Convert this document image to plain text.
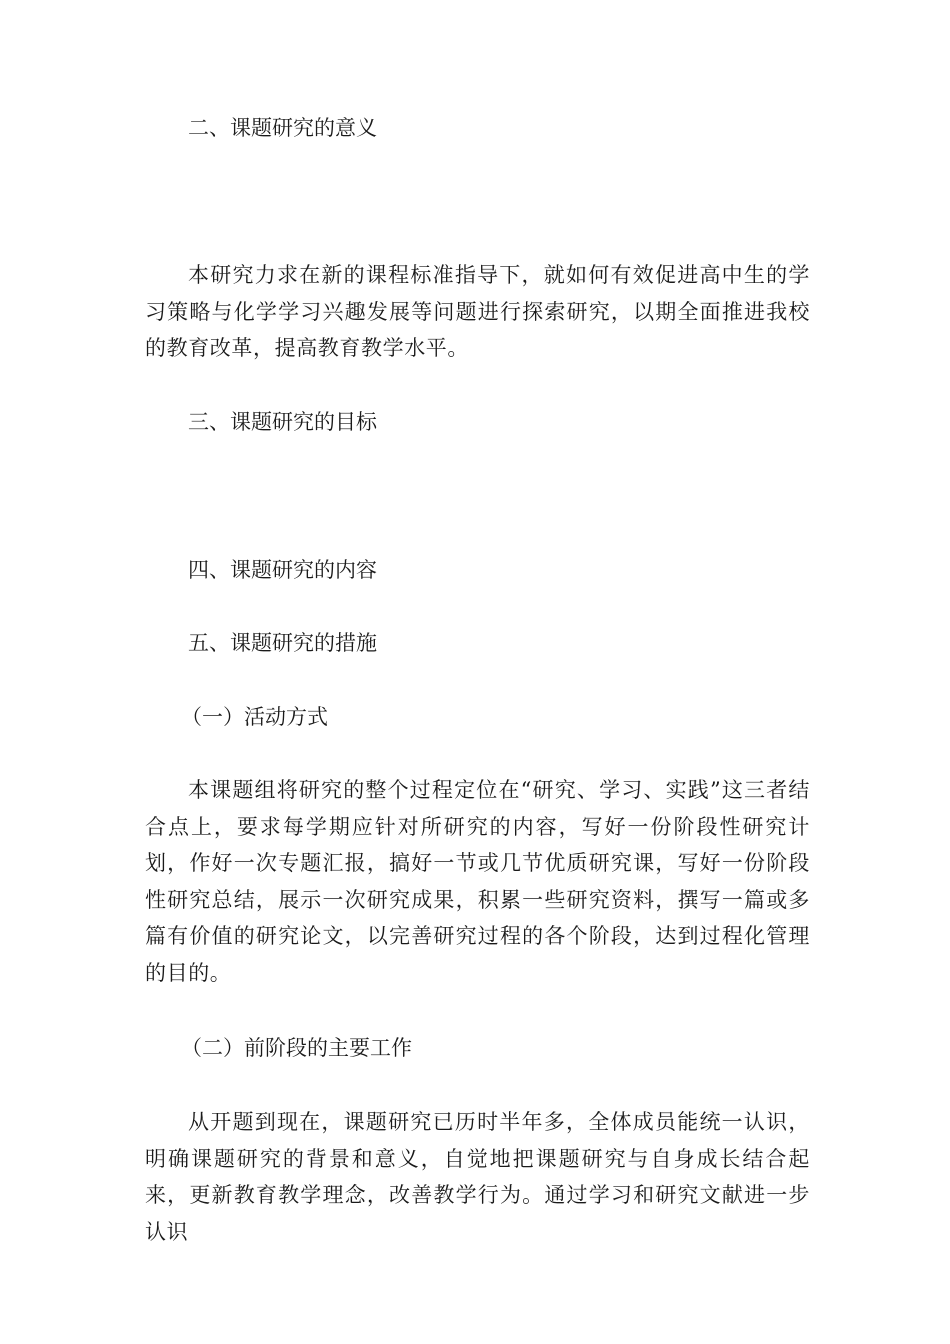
二、课题研究的意义

本研究力求在新的课程标准指导下，就如何有效促进高中生的学习策略与化学学习兴趣发展等问题进行探索研究，以期全面推进我校的教育改革，提高教育教学水平。

三、课题研究的目标

四、课题研究的内容

五、课题研究的措施

（一）活动方式

本课题组将研究的整个过程定位在“研究、学习、实践”这三者结合点上，要求每学期应针对所研究的内容，写好一份阶段性研究计划，作好一次专题汇报，搞好一节或几节优质研究课，写好一份阶段性研究总结，展示一次研究成果，积累一些研究资料，撰写一篇或多篇有价值的研究论文，以完善研究过程的各个阶段，达到过程化管理的目的。

（二）前阶段的主要工作

从开题到现在，课题研究已历时半年多，全体成员能统一认识，明确课题研究的背景和意义，自觉地把课题研究与自身成长结合起来，更新教育教学理念，改善教学行为。通过学习和研究文献进一步认识
